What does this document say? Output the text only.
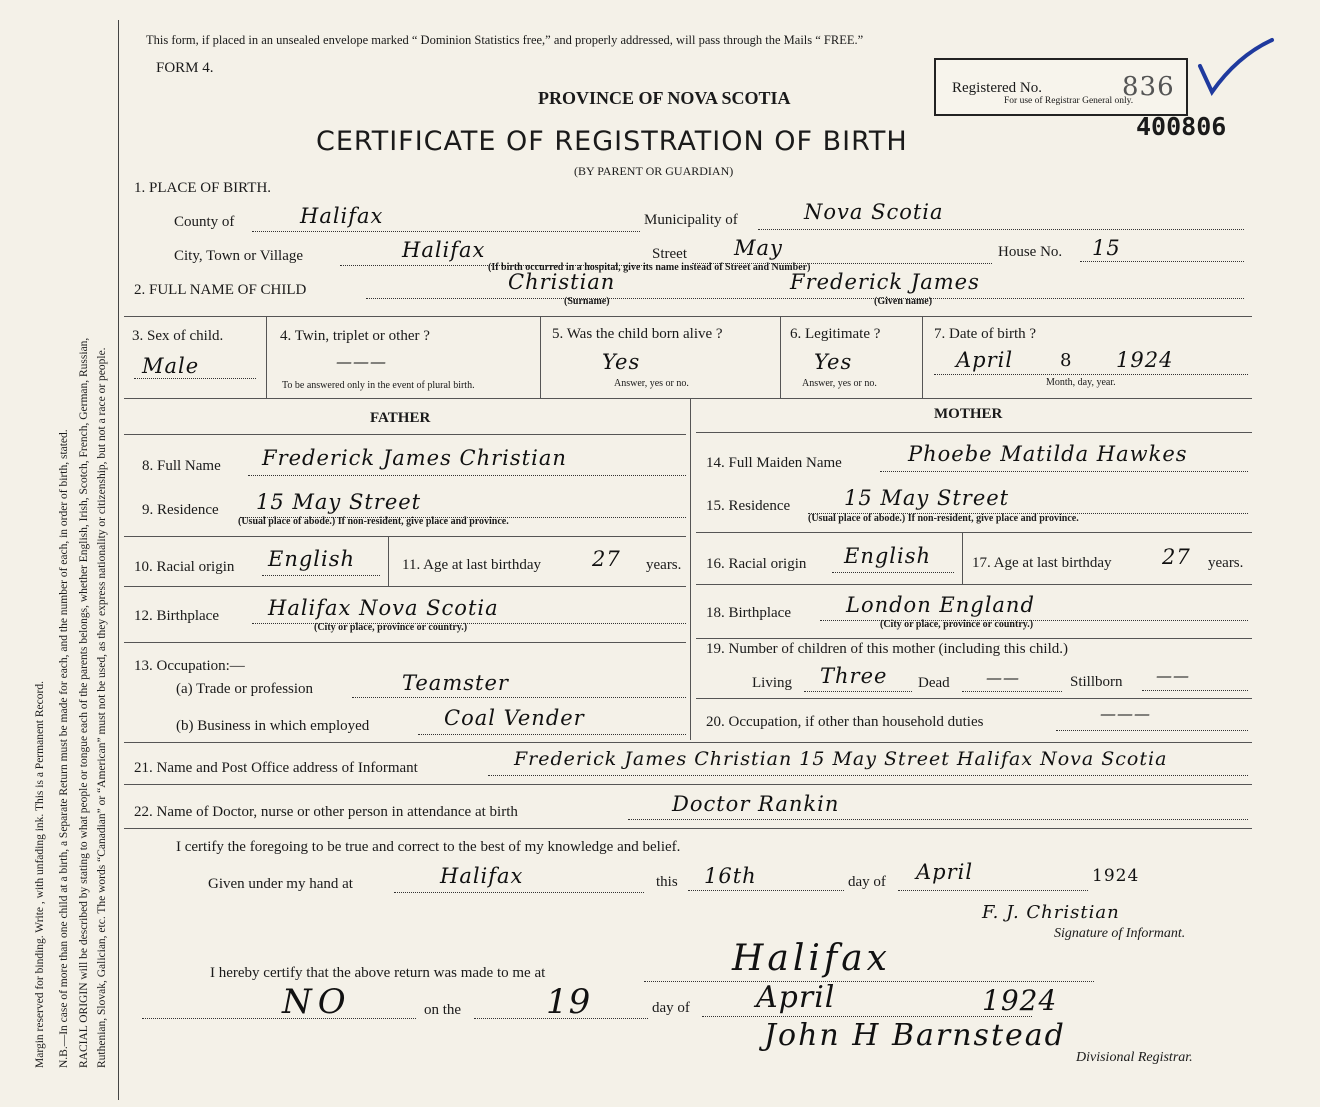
Margin reserved for binding. Write , with unfading ink. This is a Permanent Record. N.B.—In case of more than one child at a birth, a Separate Return must be made for each, and the number of each, in order of birth, stated. RACIAL ORIGIN will be described by stating to what people or tongue each of the parents belongs, whether English, Irish, Scotch, French, German, Russian, Ruthenian, Slovak, Galician, etc. The words “Canadian” or “American” must not be used, as they express nationality or citizenship, but not a race or people.
This form, if placed in an unsealed envelope marked “ Dominion Statistics free,” and properly addressed, will pass through the Mails “ FREE.”
FORM 4.
PROVINCE OF NOVA SCOTIA
CERTIFICATE OF REGISTRATION OF BIRTH
(BY PARENT OR GUARDIAN)
Registered No.	836
For use of Registrar General only.
400806
1. PLACE OF BIRTH.
County of	Halifax	Municipality of	Nova Scotia
City, Town or Village	Halifax	Street May	House No. 15
(If birth occurred in a hospital, give its name instead of Street and Number)
2. FULL NAME OF CHILD	Christian
(Surname)
Frederick James
(Given name)
3. Sex of child.
Male
4. Twin, triplet or other ?
———
To be answered only in the event of plural birth.
5. Was the child born alive ?
Yes
Answer, yes or no.
6. Legitimate ?
Yes
Answer, yes or no.
7. Date of birth ?
April	8 1924
Month, day, year.
FATHER	MOTHER
8. Full Name Frederick James Christian
9. Residence 15 May Street
(Usual place of abode.) If non-resident, give place and province.
10. Racial origin English	11. Age at last birthday 27 years.
12. Birthplace Halifax Nova Scotia
(City or place, province or country.)
13. Occupation:—
(a) Trade or profession	Teamster
(b) Business in which employed	Coal Vender
14. Full Maiden Name	Phoebe Matilda Hawkes
15. Residence	15 May Street
(Usual place of abode.) If non-resident, give place and province.
16. Racial origin English	17. Age at last birthday 27 years.
18. Birthplace	London England
(City or place, province or country.)
19. Number of children of this mother (including this child.)
Living Three Dead ——	Stillborn ——
20. Occupation, if other than household duties	———
21. Name and Post Office address of Informant	Frederick James Christian 15 May Street Halifax Nova Scotia
22. Name of Doctor, nurse or other person in attendance at birth	Doctor Rankin
I certify the foregoing to be true and correct to the best of my knowledge and belief.
Given under my hand at	Halifax	this 16th	day of April	1924
F. J. Christian
Signature of Informant.
I hereby certify that the above return was made to me at	Halifax
NO	on the 19	day of April	1924
John H Barnstead
Divisional Registrar.
